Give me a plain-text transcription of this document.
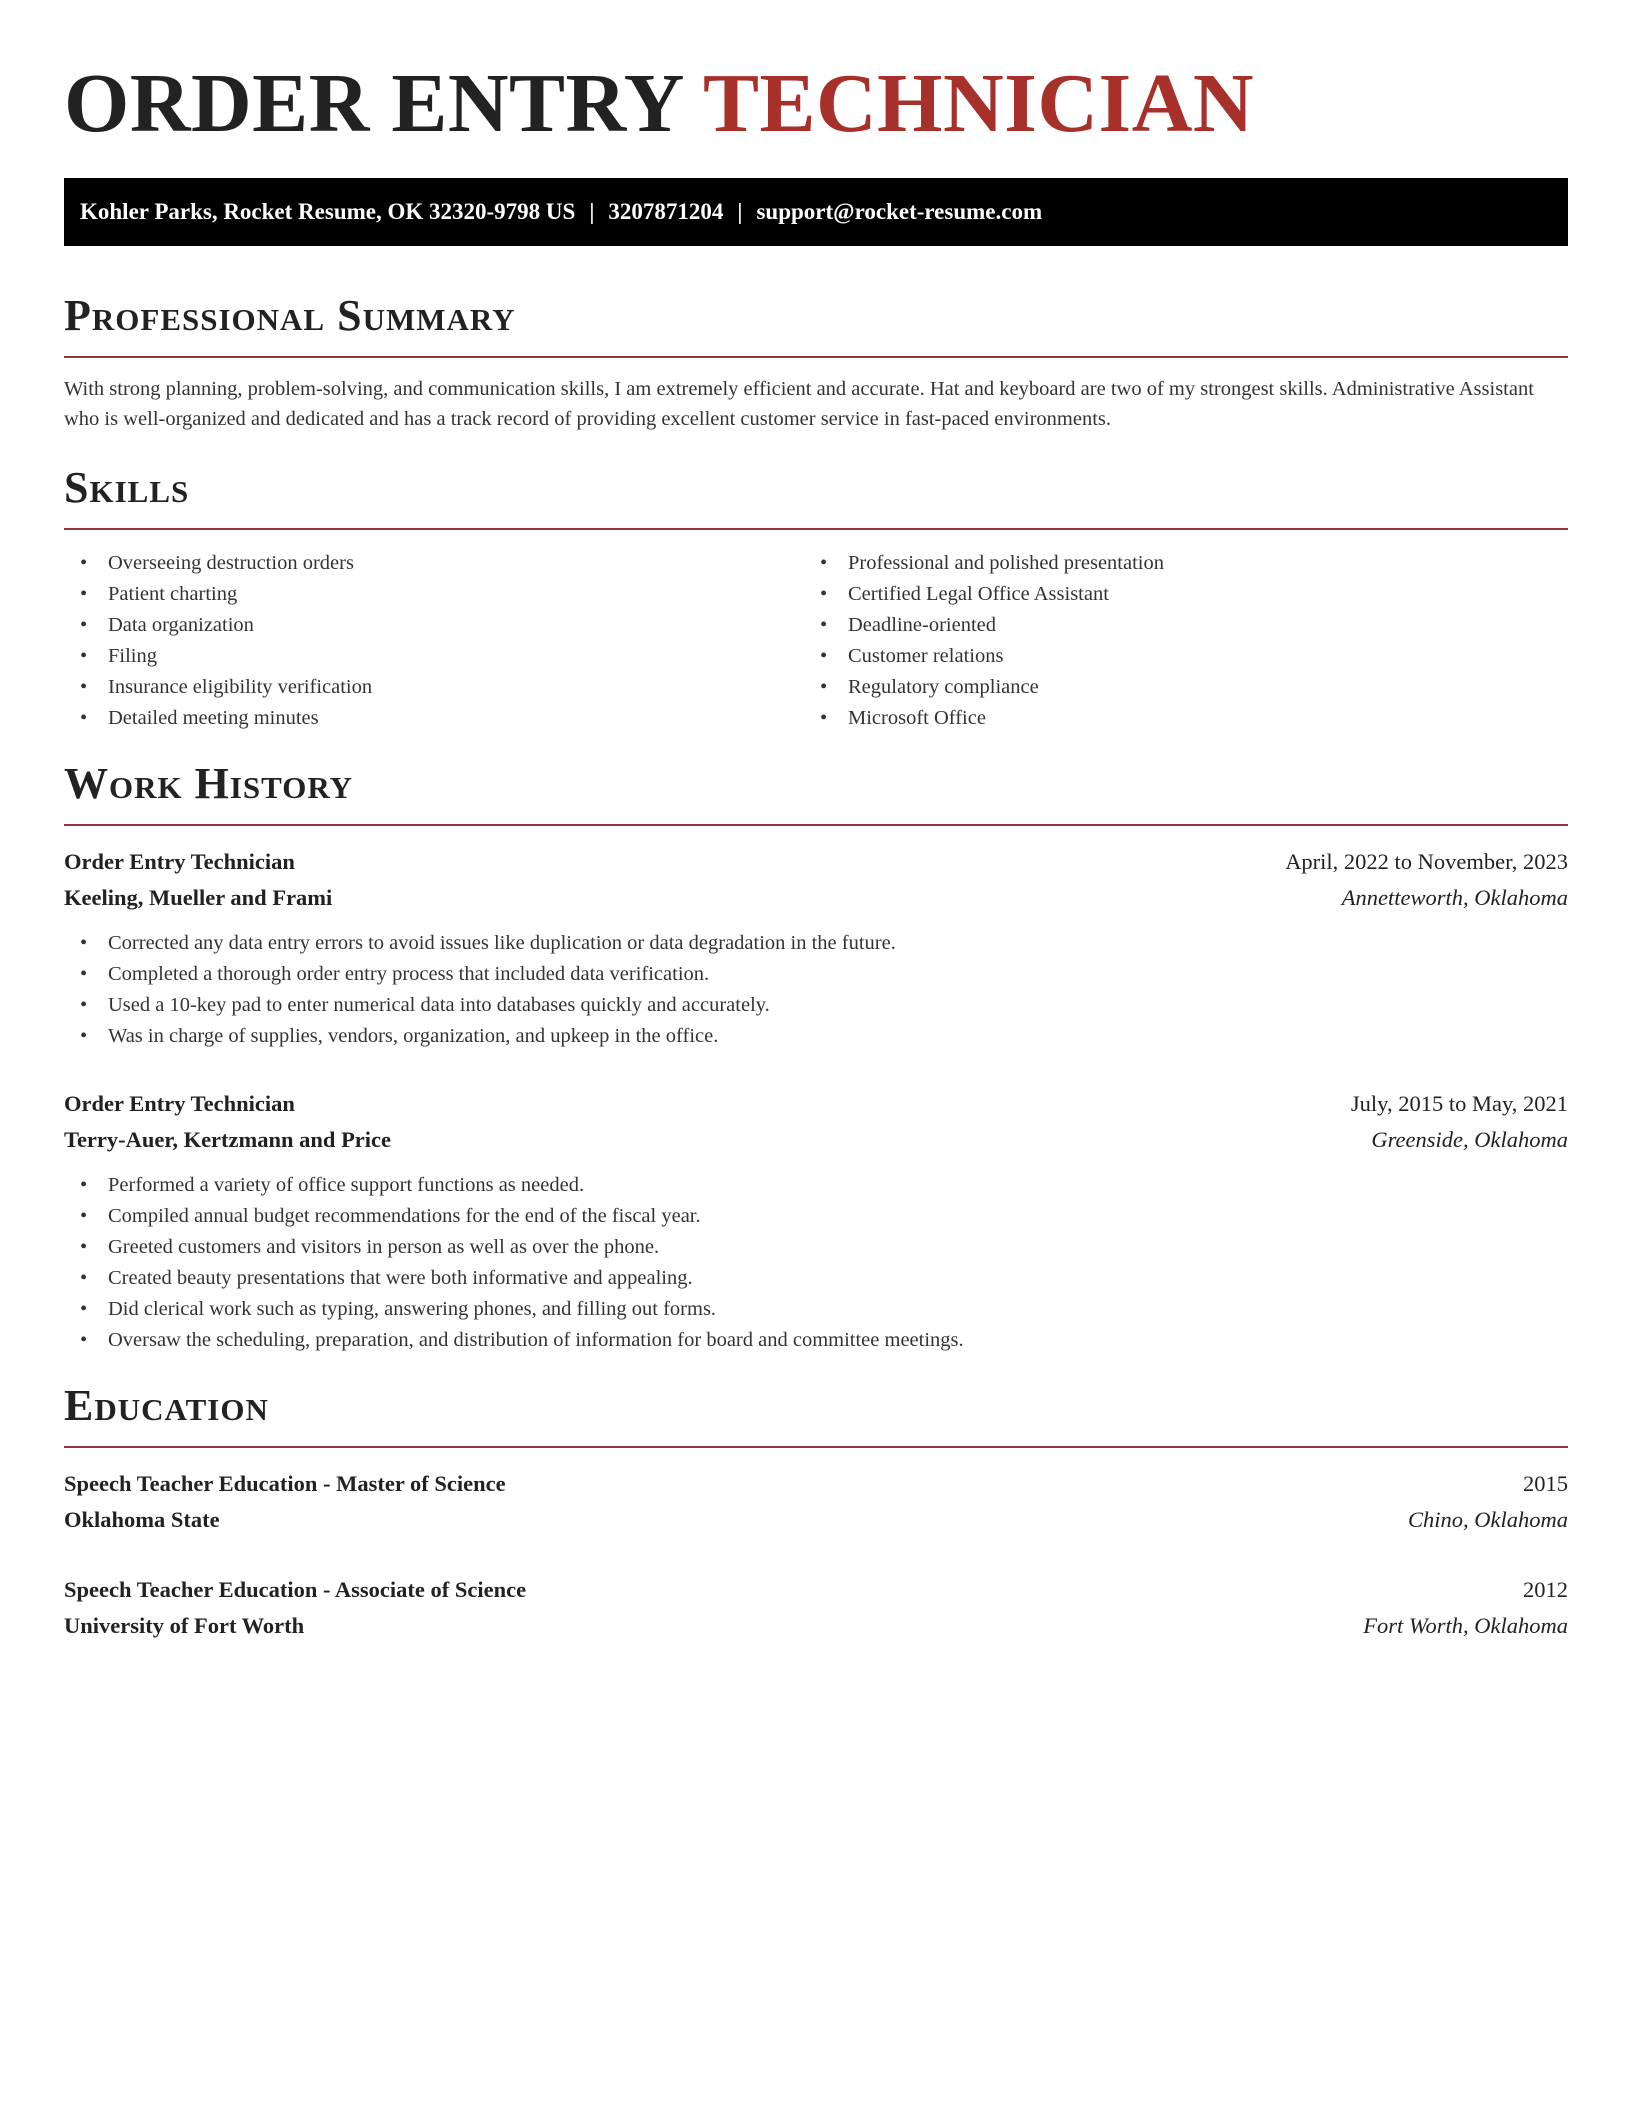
ORDER ENTRY TECHNICIAN
Kohler Parks, Rocket Resume, OK 32320-9798 US | 3207871204 | support@rocket-resume.com
Professional Summary

With strong planning, problem-solving, and communication skills, I am extremely efficient and accurate. Hat and keyboard are two of my strongest skills. Administrative Assistant who is well-organized and dedicated and has a track record of providing excellent customer service in fast-paced environments.

Skills
• Overseeing destruction orders
• Patient charting
• Data organization
• Filing
• Insurance eligibility verification
• Detailed meeting minutes
• Professional and polished presentation
• Certified Legal Office Assistant
• Deadline-oriented
• Customer relations
• Regulatory compliance
• Microsoft Office
Work History
Order Entry Technician	April, 2022 to November, 2023
Keeling, Mueller and Frami	Annetteworth, Oklahoma
• Corrected any data entry errors to avoid issues like duplication or data degradation in the future.
• Completed a thorough order entry process that included data verification.
• Used a 10-key pad to enter numerical data into databases quickly and accurately.
• Was in charge of supplies, vendors, organization, and upkeep in the office.
Order Entry Technician	July, 2015 to May, 2021
Terry-Auer, Kertzmann and Price	Greenside, Oklahoma
• Performed a variety of office support functions as needed.
• Compiled annual budget recommendations for the end of the fiscal year.
• Greeted customers and visitors in person as well as over the phone.
• Created beauty presentations that were both informative and appealing.
• Did clerical work such as typing, answering phones, and filling out forms.
• Oversaw the scheduling, preparation, and distribution of information for board and committee meetings.
Education
Speech Teacher Education - Master of Science	2015
Oklahoma State	Chino, Oklahoma
Speech Teacher Education - Associate of Science	2012
University of Fort Worth	Fort Worth, Oklahoma
